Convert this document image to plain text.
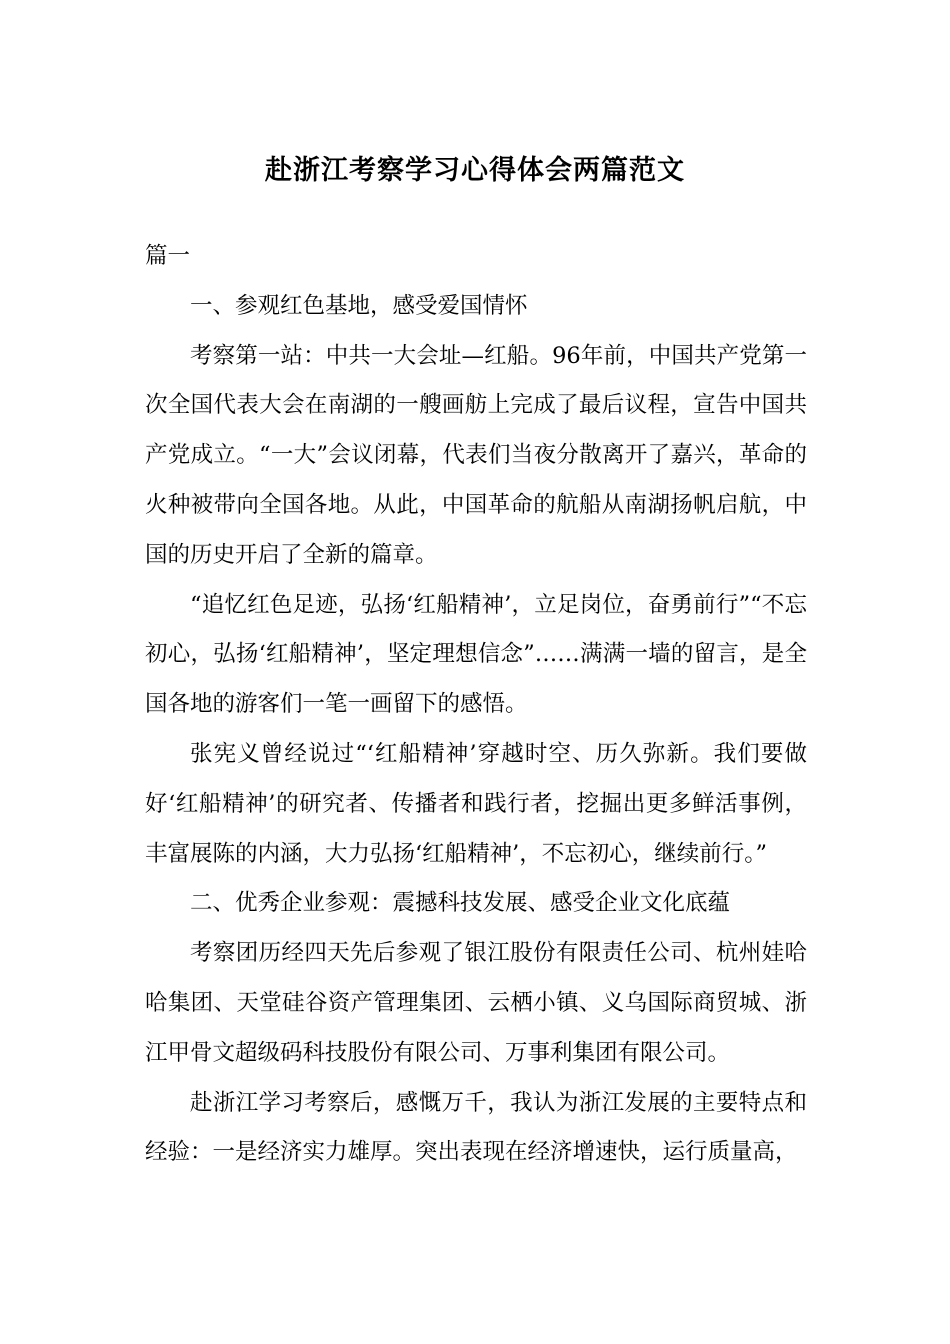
赴浙江考察学习心得体会两篇范文

篇一

一、参观红色基地，感受爱国情怀

考察第一站：中共一大会址—红船。96年前，中国共产党第一次全国代表大会在南湖的一艘画舫上完成了最后议程，宣告中国共产党成立。“一大”会议闭幕，代表们当夜分散离开了嘉兴，革命的火种被带向全国各地。从此，中国革命的航船从南湖扬帆启航，中国的历史开启了全新的篇章。

“追忆红色足迹，弘扬‘红船精神’，立足岗位，奋勇前行”“不忘初心，弘扬‘红船精神’，坚定理想信念”……满满一墙的留言，是全国各地的游客们一笔一画留下的感悟。

张宪义曾经说过“‘红船精神’穿越时空、历久弥新。我们要做好‘红船精神’的研究者、传播者和践行者，挖掘出更多鲜活事例，丰富展陈的内涵，大力弘扬‘红船精神’，不忘初心，继续前行。”

二、优秀企业参观：震撼科技发展、感受企业文化底蕴

考察团历经四天先后参观了银江股份有限责任公司、杭州娃哈哈集团、天堂硅谷资产管理集团、云栖小镇、义乌国际商贸城、浙江甲骨文超级码科技股份有限公司、万事利集团有限公司。

赴浙江学习考察后，感慨万千，我认为浙江发展的主要特点和经验：一是经济实力雄厚。突出表现在经济增速快，运行质量高，
